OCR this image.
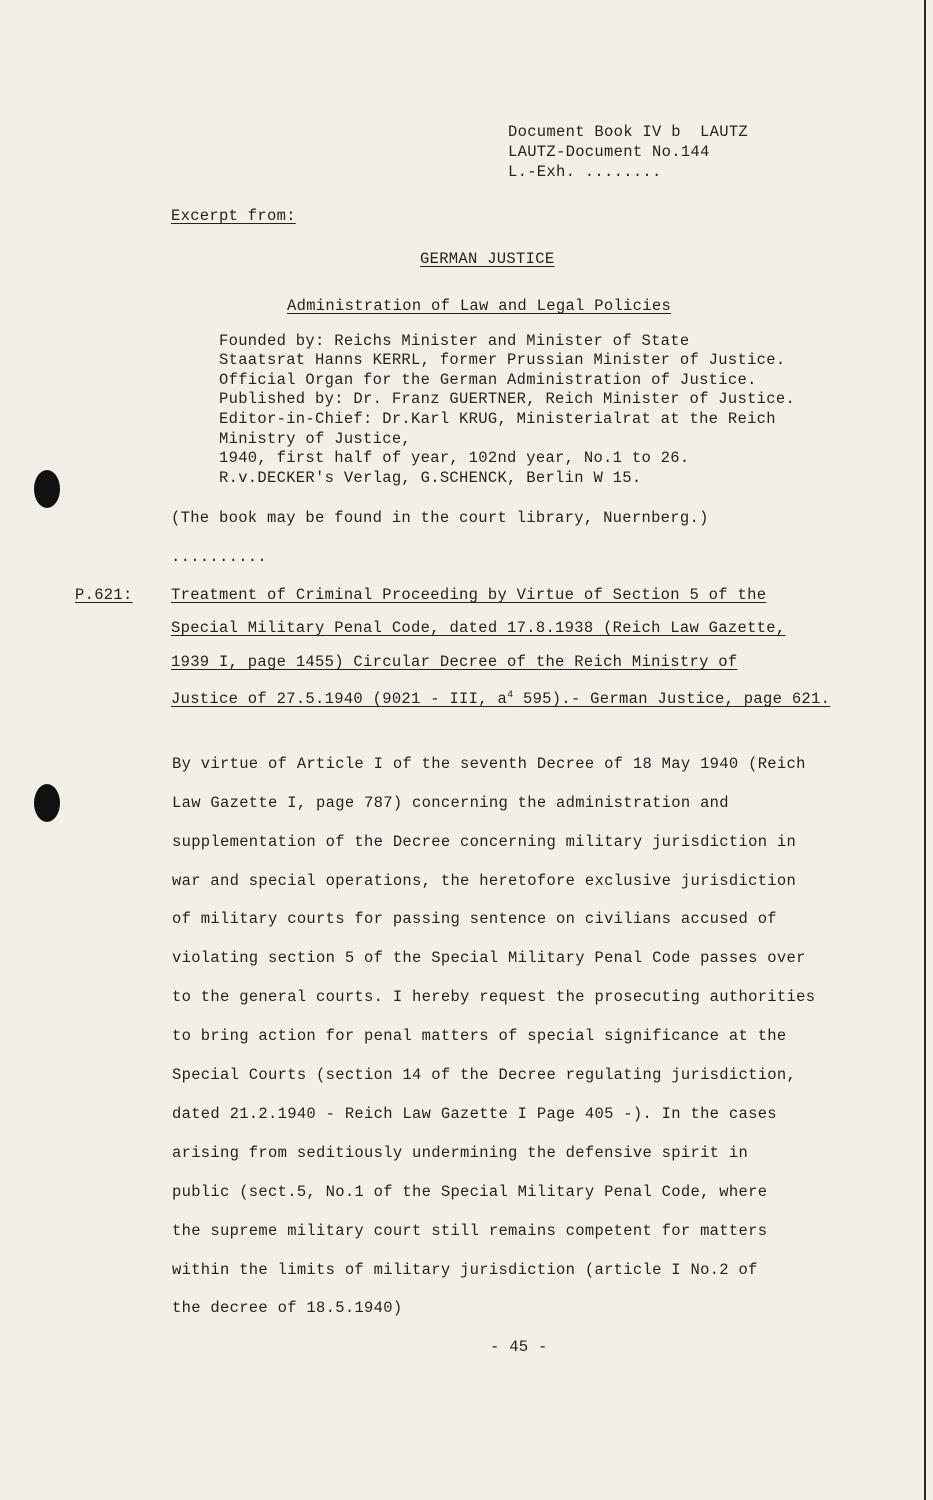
Document Book IV b  LAUTZ
LAUTZ-Document No.144
L.-Exh. ........
Excerpt from:
GERMAN JUSTICE
Administration of Law and Legal Policies
Founded by: Reichs Minister and Minister of State
Staatsrat Hanns KERRL, former Prussian Minister of Justice.
Official Organ for the German Administration of Justice.
Published by: Dr. Franz GUERTNER, Reich Minister of Justice.
Editor-in-Chief: Dr.Karl KRUG, Ministerialrat at the Reich
Ministry of Justice,
1940, first half of year, 102nd year, No.1 to 26.
R.v.DECKER's Verlag, G.SCHENCK, Berlin W 15.
(The book may be found in the court library, Nuernberg.)
..........
P.621: Treatment of Criminal Proceeding by Virtue of Section 5 of the
Special Military Penal Code, dated 17.8.1938 (Reich Law Gazette,
1939 I, page 1455) Circular Decree of the Reich Ministry of
Justice of 27.5.1940 (9021 - III, $a^4$ 595).- German Justice, page 621.
By virtue of Article I of the seventh Decree of 18 May 1940 (Reich
Law Gazette I, page 787) concerning the administration and
supplementation of the Decree concerning military jurisdiction in
war and special operations, the heretofore exclusive jurisdiction
of military courts for passing sentence on civilians accused of
violating section 5 of the Special Military Penal Code passes over
to the general courts. I hereby request the prosecuting authorities
to bring action for penal matters of special significance at the
Special Courts (section 14 of the Decree regulating jurisdiction,
dated 21.2.1940 - Reich Law Gazette I Page 405 -). In the cases
arising from seditiously undermining the defensive spirit in
public (sect.5, No.1 of the Special Military Penal Code, where
the supreme military court still remains competent for matters
within the limits of military jurisdiction (article I No.2 of
the decree of 18.5.1940)
- 45 -
